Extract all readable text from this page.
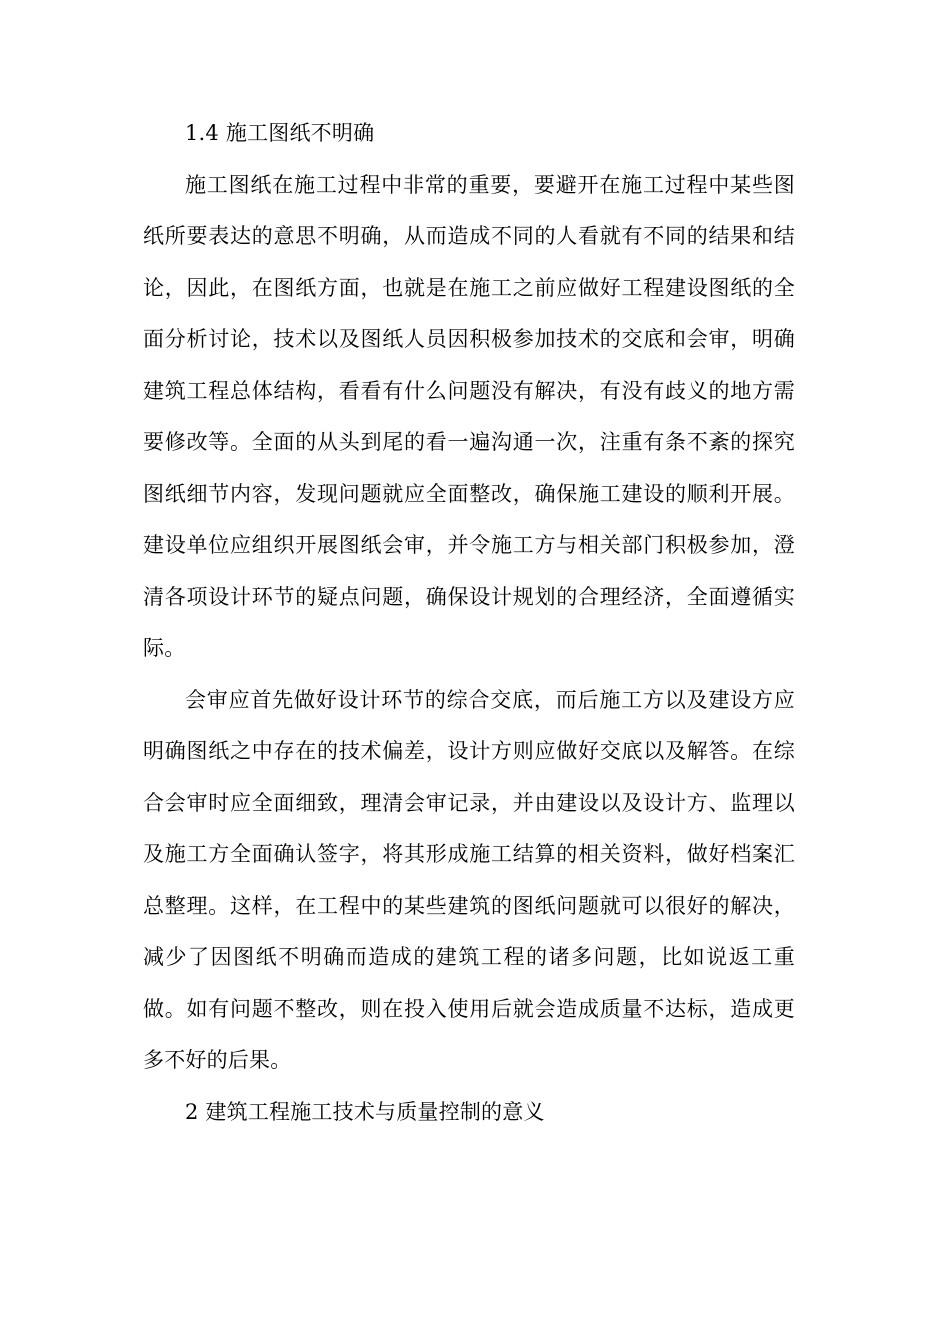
1.4 施工图纸不明确

施工图纸在施工过程中非常的重要，要避开在施工过程中某些图纸所要表达的意思不明确，从而造成不同的人看就有不同的结果和结论，因此，在图纸方面，也就是在施工之前应做好工程建设图纸的全面分析讨论，技术以及图纸人员因积极参加技术的交底和会审，明确建筑工程总体结构，看看有什么问题没有解决，有没有歧义的地方需要修改等。全面的从头到尾的看一遍沟通一次，注重有条不紊的探究图纸细节内容，发现问题就应全面整改，确保施工建设的顺利开展。建设单位应组织开展图纸会审，并令施工方与相关部门积极参加，澄清各项设计环节的疑点问题，确保设计规划的合理经济，全面遵循实际。

会审应首先做好设计环节的综合交底，而后施工方以及建设方应明确图纸之中存在的技术偏差，设计方则应做好交底以及解答。在综合会审时应全面细致，理清会审记录，并由建设以及设计方、监理以及施工方全面确认签字，将其形成施工结算的相关资料，做好档案汇总整理。这样，在工程中的某些建筑的图纸问题就可以很好的解决，减少了因图纸不明确而造成的建筑工程的诸多问题，比如说返工重做。如有问题不整改，则在投入使用后就会造成质量不达标，造成更多不好的后果。

2 建筑工程施工技术与质量控制的意义
